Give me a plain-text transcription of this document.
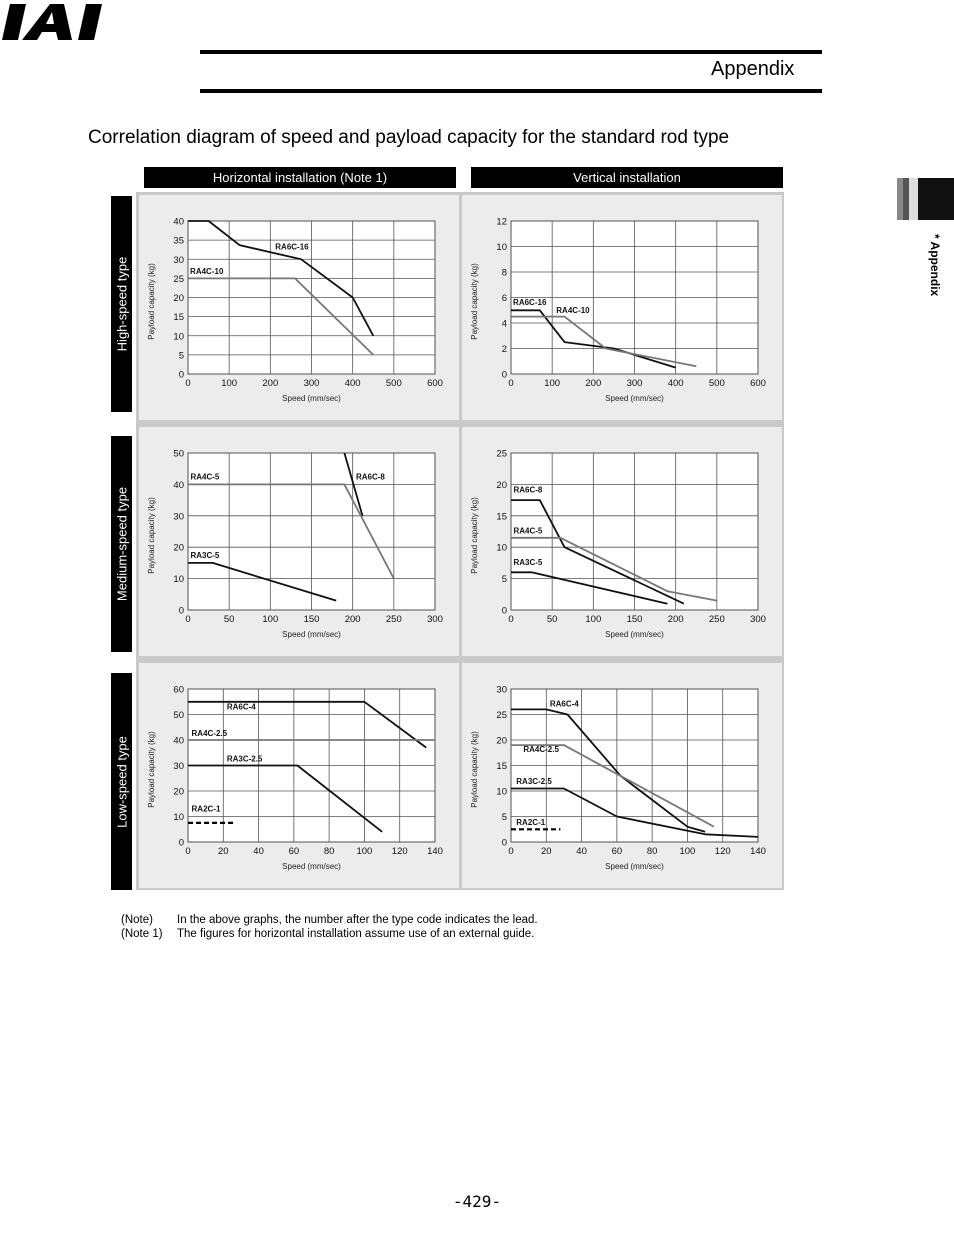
Appendix
Correlation diagram of speed and payload capacity for the standard rod type
Horizontal installation (Note 1)	Vertical installation
High-speed type
Medium-speed type
Low-speed type
0	100	200	300	400	500	600
0
5
10
15
20
25
30
35
40
Speed (mm/sec)
Payload capacity (kg)
RA6C-16
RA4C-10
0	100	200	300	400	500	600
0
2
4
6
8
10
12
Speed (mm/sec)
Payload capacity (kg)	RA6C-16
RA4C-10
0	50	100	150	200	250	300
0
10
20
30
40
50
Speed (mm/sec)
Payload capacity (kg)
RA6C-8
RA4C-5
RA3C-5
0	50	100	150	200	250	300
0
5
10
15
20
25
Speed (mm/sec)
Payload capacity (kg)
RA6C-8
RA4C-5
RA3C-5
0	20	40	60	80 100 120 140
0
10
20
30
40
50
60
Speed (mm/sec)
Payload capacity (kg)
RA6C-4
RA4C-2.5
RA3C-2.5
RA2C-1
0	20	40	60	80 100 120 140
0
5
10
15
20
25
30
Speed (mm/sec)
Payload capacity (kg)
RA6C-4
RA4C-2.5
RA3C-2.5
RA2C-1
* Appendix
(Note) In the above graphs, the number after the type code indicates the lead.
(Note 1) The figures for horizontal installation assume use of an external guide.
-429-
